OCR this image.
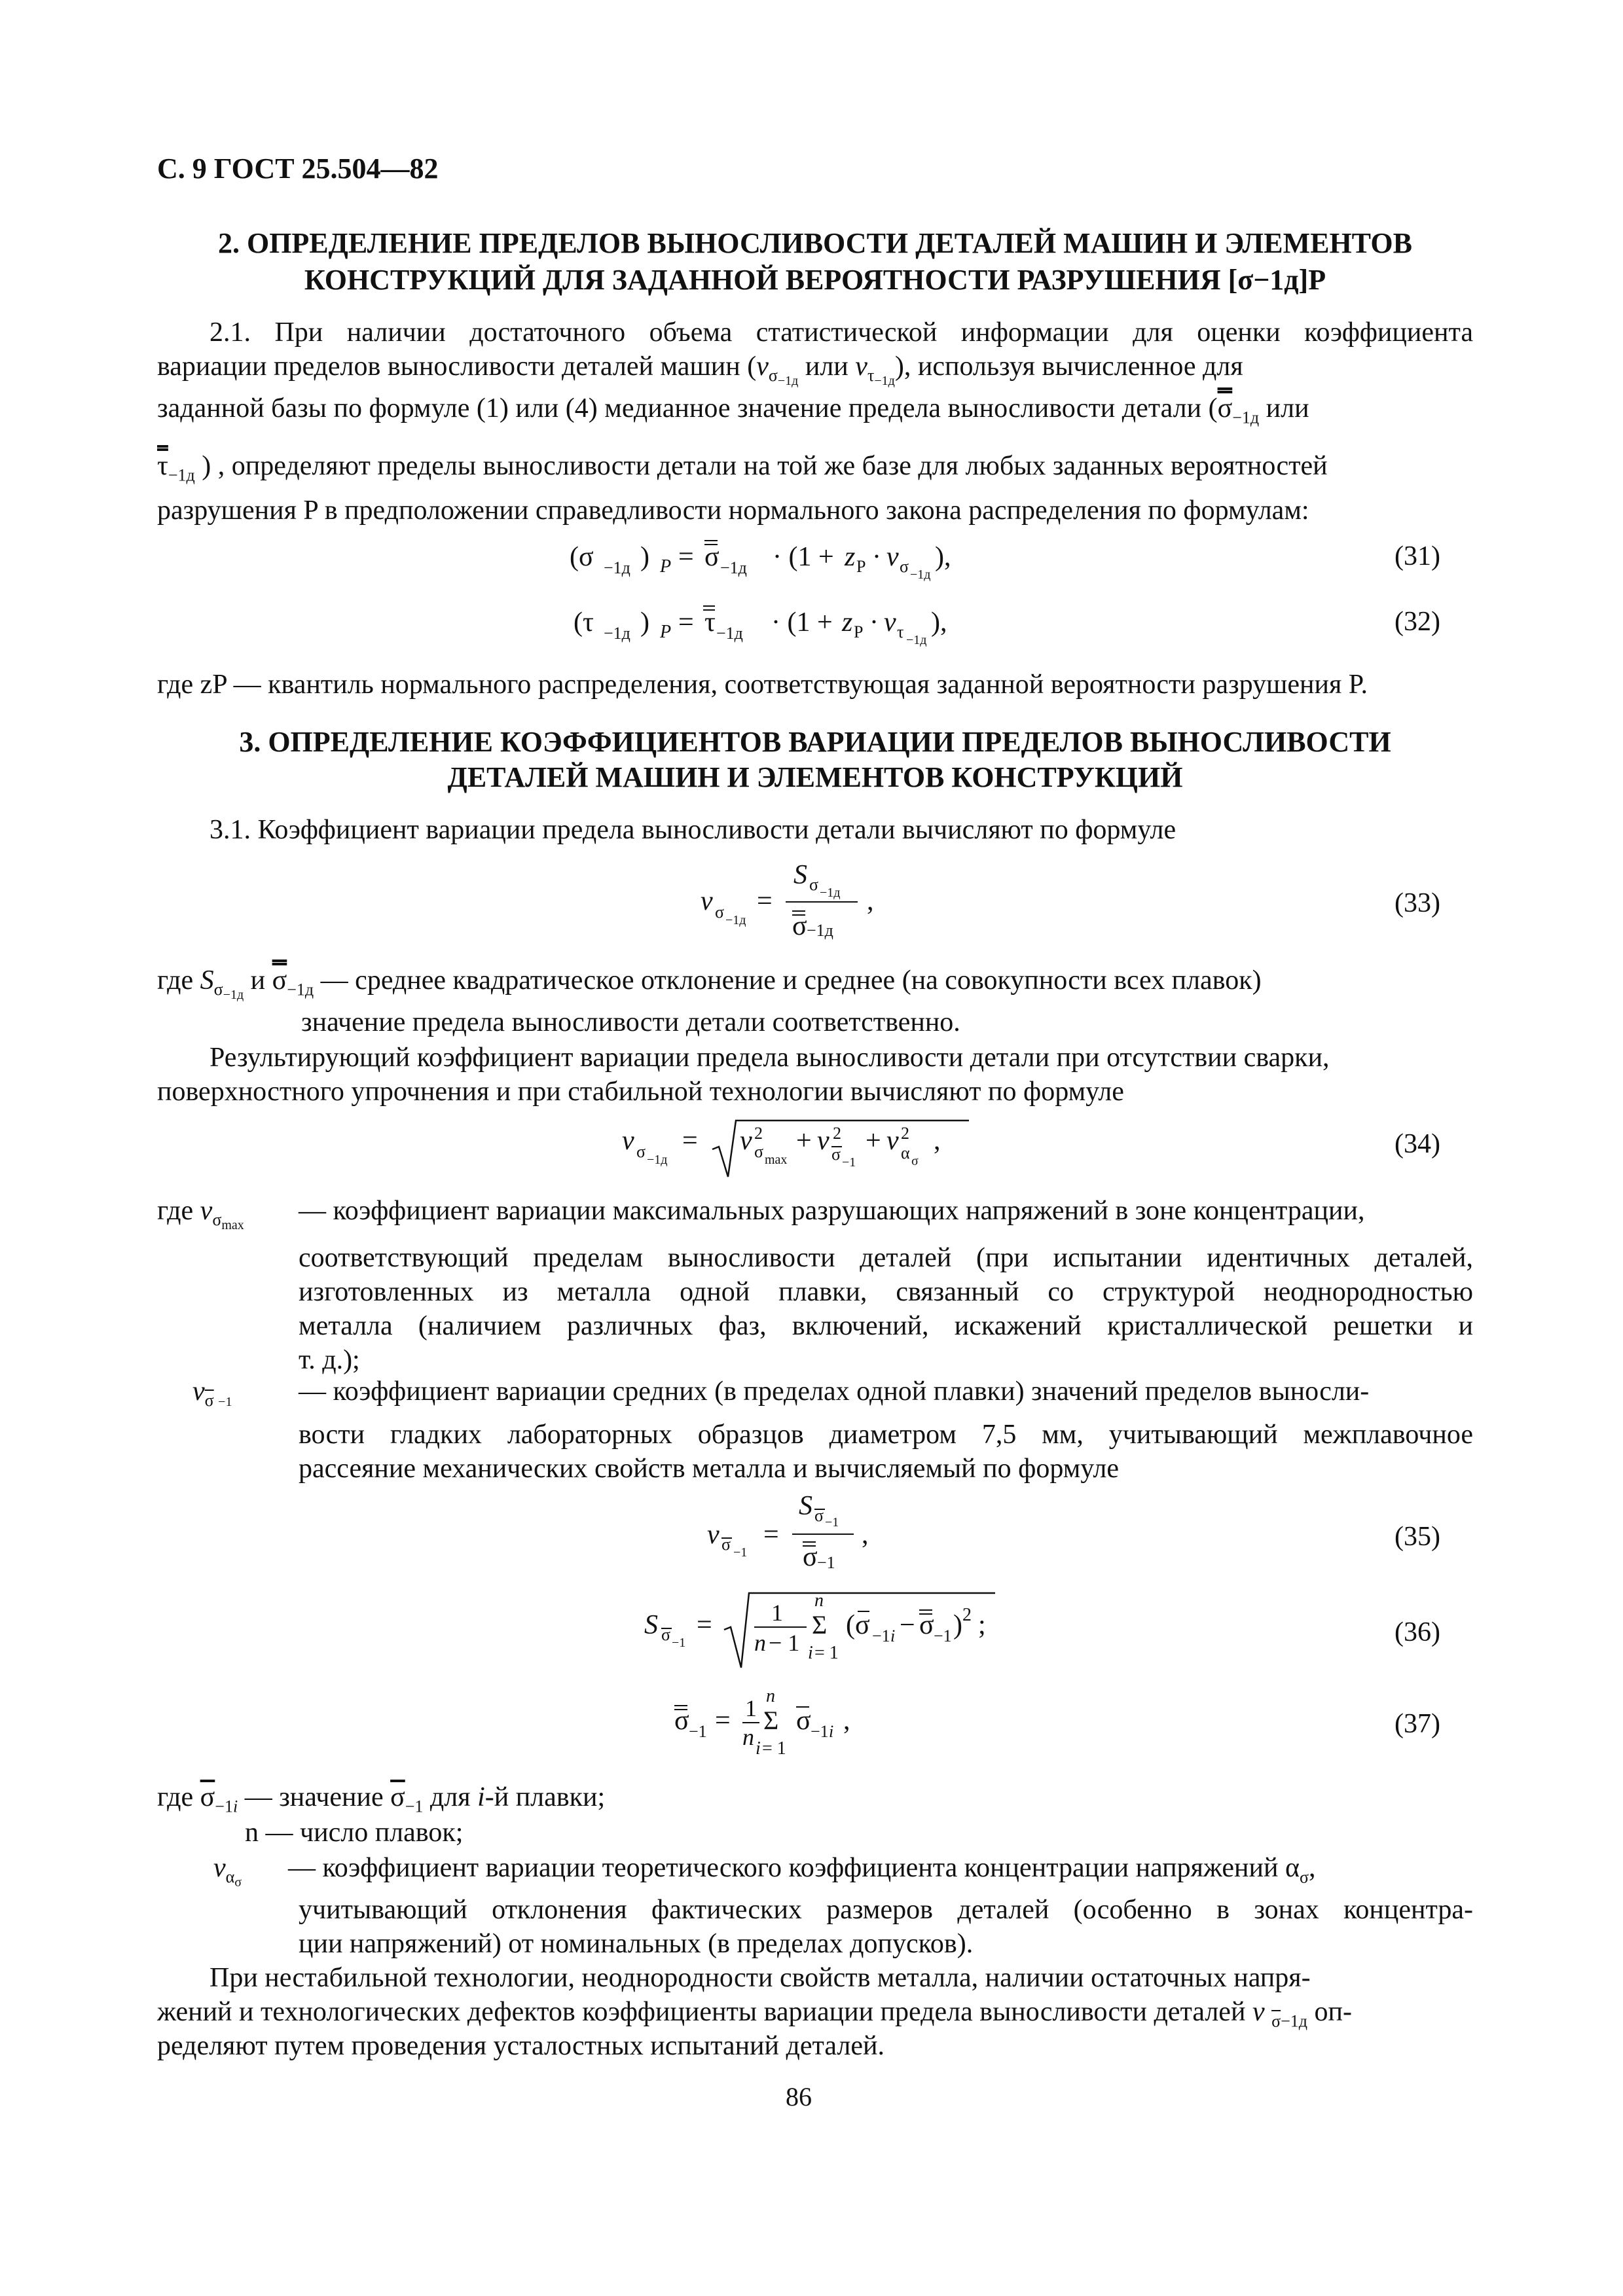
С. 9 ГОСТ 25.504—82
2. ОПРЕДЕЛЕНИЕ ПРЕДЕЛОВ ВЫНОСЛИВОСТИ ДЕТАЛЕЙ МАШИН И ЭЛЕМЕНТОВ
КОНСТРУКЦИЙ ДЛЯ ЗАДАННОЙ ВЕРОЯТНОСТИ РАЗРУШЕНИЯ [σ−1д]P
2.1. При наличии достаточного объема статистической информации для оценки коэффициента
вариации пределов выносливости деталей машин ($v_{\sigma_{-1д}}$ или $v_{\tau_{-1д}}$), используя вычисленное для
заданной базы по формуле (1) или (4) медианное значение предела выносливости детали ($\sigma_{-1д}$ или
$\tau_{-1д}$ ) , определяют пределы выносливости детали на той же базе для любых заданных вероятностей
разрушения P в предположении справедливости нормального закона распределения по формулам:
(σ −1д ) P = σ −1д · (1 + z P · v σ −1д
),	(31)
(τ −1д ) P = τ −1д · (1 + z P · v τ −1д
),	(32)
где zP — квантиль нормального распределения, соответствующая заданной вероятности разрушения P.
3. ОПРЕДЕЛЕНИЕ КОЭФФИЦИЕНТОВ ВАРИАЦИИ ПРЕДЕЛОВ ВЫНОСЛИВОСТИ
ДЕТАЛЕЙ МАШИН И ЭЛЕМЕНТОВ КОНСТРУКЦИЙ
3.1. Коэффициент вариации предела выносливости детали вычисляют по формуле
v σ −1д
=
S σ −1д
σ −1д
,	(33)
где $S_{\sigma_{-1д}}$ и $\sigma_{-1д}$ — среднее квадратическое отклонение и среднее (на совокупности всех плавок)
значение предела выносливости детали соответственно.
Результирующий коэффициент вариации предела выносливости детали при отсутствии сварки,
поверхностного упрочнения и при стабильной технологии вычисляют по формуле
v σ −1д
= v 2
σ max
+ v 2
σ −1
+ v 2
α σ
,	(34)
где $v_{\sigma_{max}}$ — коэффициент вариации максимальных разрушающих напряжений в зоне концентрации,
соответствующий пределам выносливости деталей (при испытании идентичных деталей,
изготовленных из металла одной плавки, связанный со структурой неоднородностью
металла (наличием различных фаз, включений, искажений кристаллической решетки и
т. д.);
$v_{\overline{\sigma} -1}$ — коэффициент вариации средних (в пределах одной плавки) значений пределов выносли-
вости гладких лабораторных образцов диаметром 7,5 мм, учитывающий межплавочное
рассеяние механических свойств металла и вычисляемый по формуле
v σ −1
=
S σ −1
σ −1
,	(35)
S σ −1
=	1
n − 1
n
Σ
i = 1
(σ −1 i − σ −1 ) 2 ;	(36)
σ −1 = 1
n
n
Σ
i = 1
σ −1 i ,	(37)
где $\overline{\sigma}_{-1i}$ — значение $\overline{\sigma}_{-1}$ для i-й плавки;
n — число плавок;
$v_{\alpha_\sigma}$ — коэффициент вариации теоретического коэффициента концентрации напряжений $\alpha_\sigma$,
учитывающий отклонения фактических размеров деталей (особенно в зонах концентра-
ции напряжений) от номинальных (в пределах допусков).
При нестабильной технологии, неоднородности свойств металла, наличии остаточных напря-
жений и технологических дефектов коэффициенты вариации предела выносливости деталей v $_{\overline{\sigma}-1д}$ оп-
ределяют путем проведения усталостных испытаний деталей.
86
